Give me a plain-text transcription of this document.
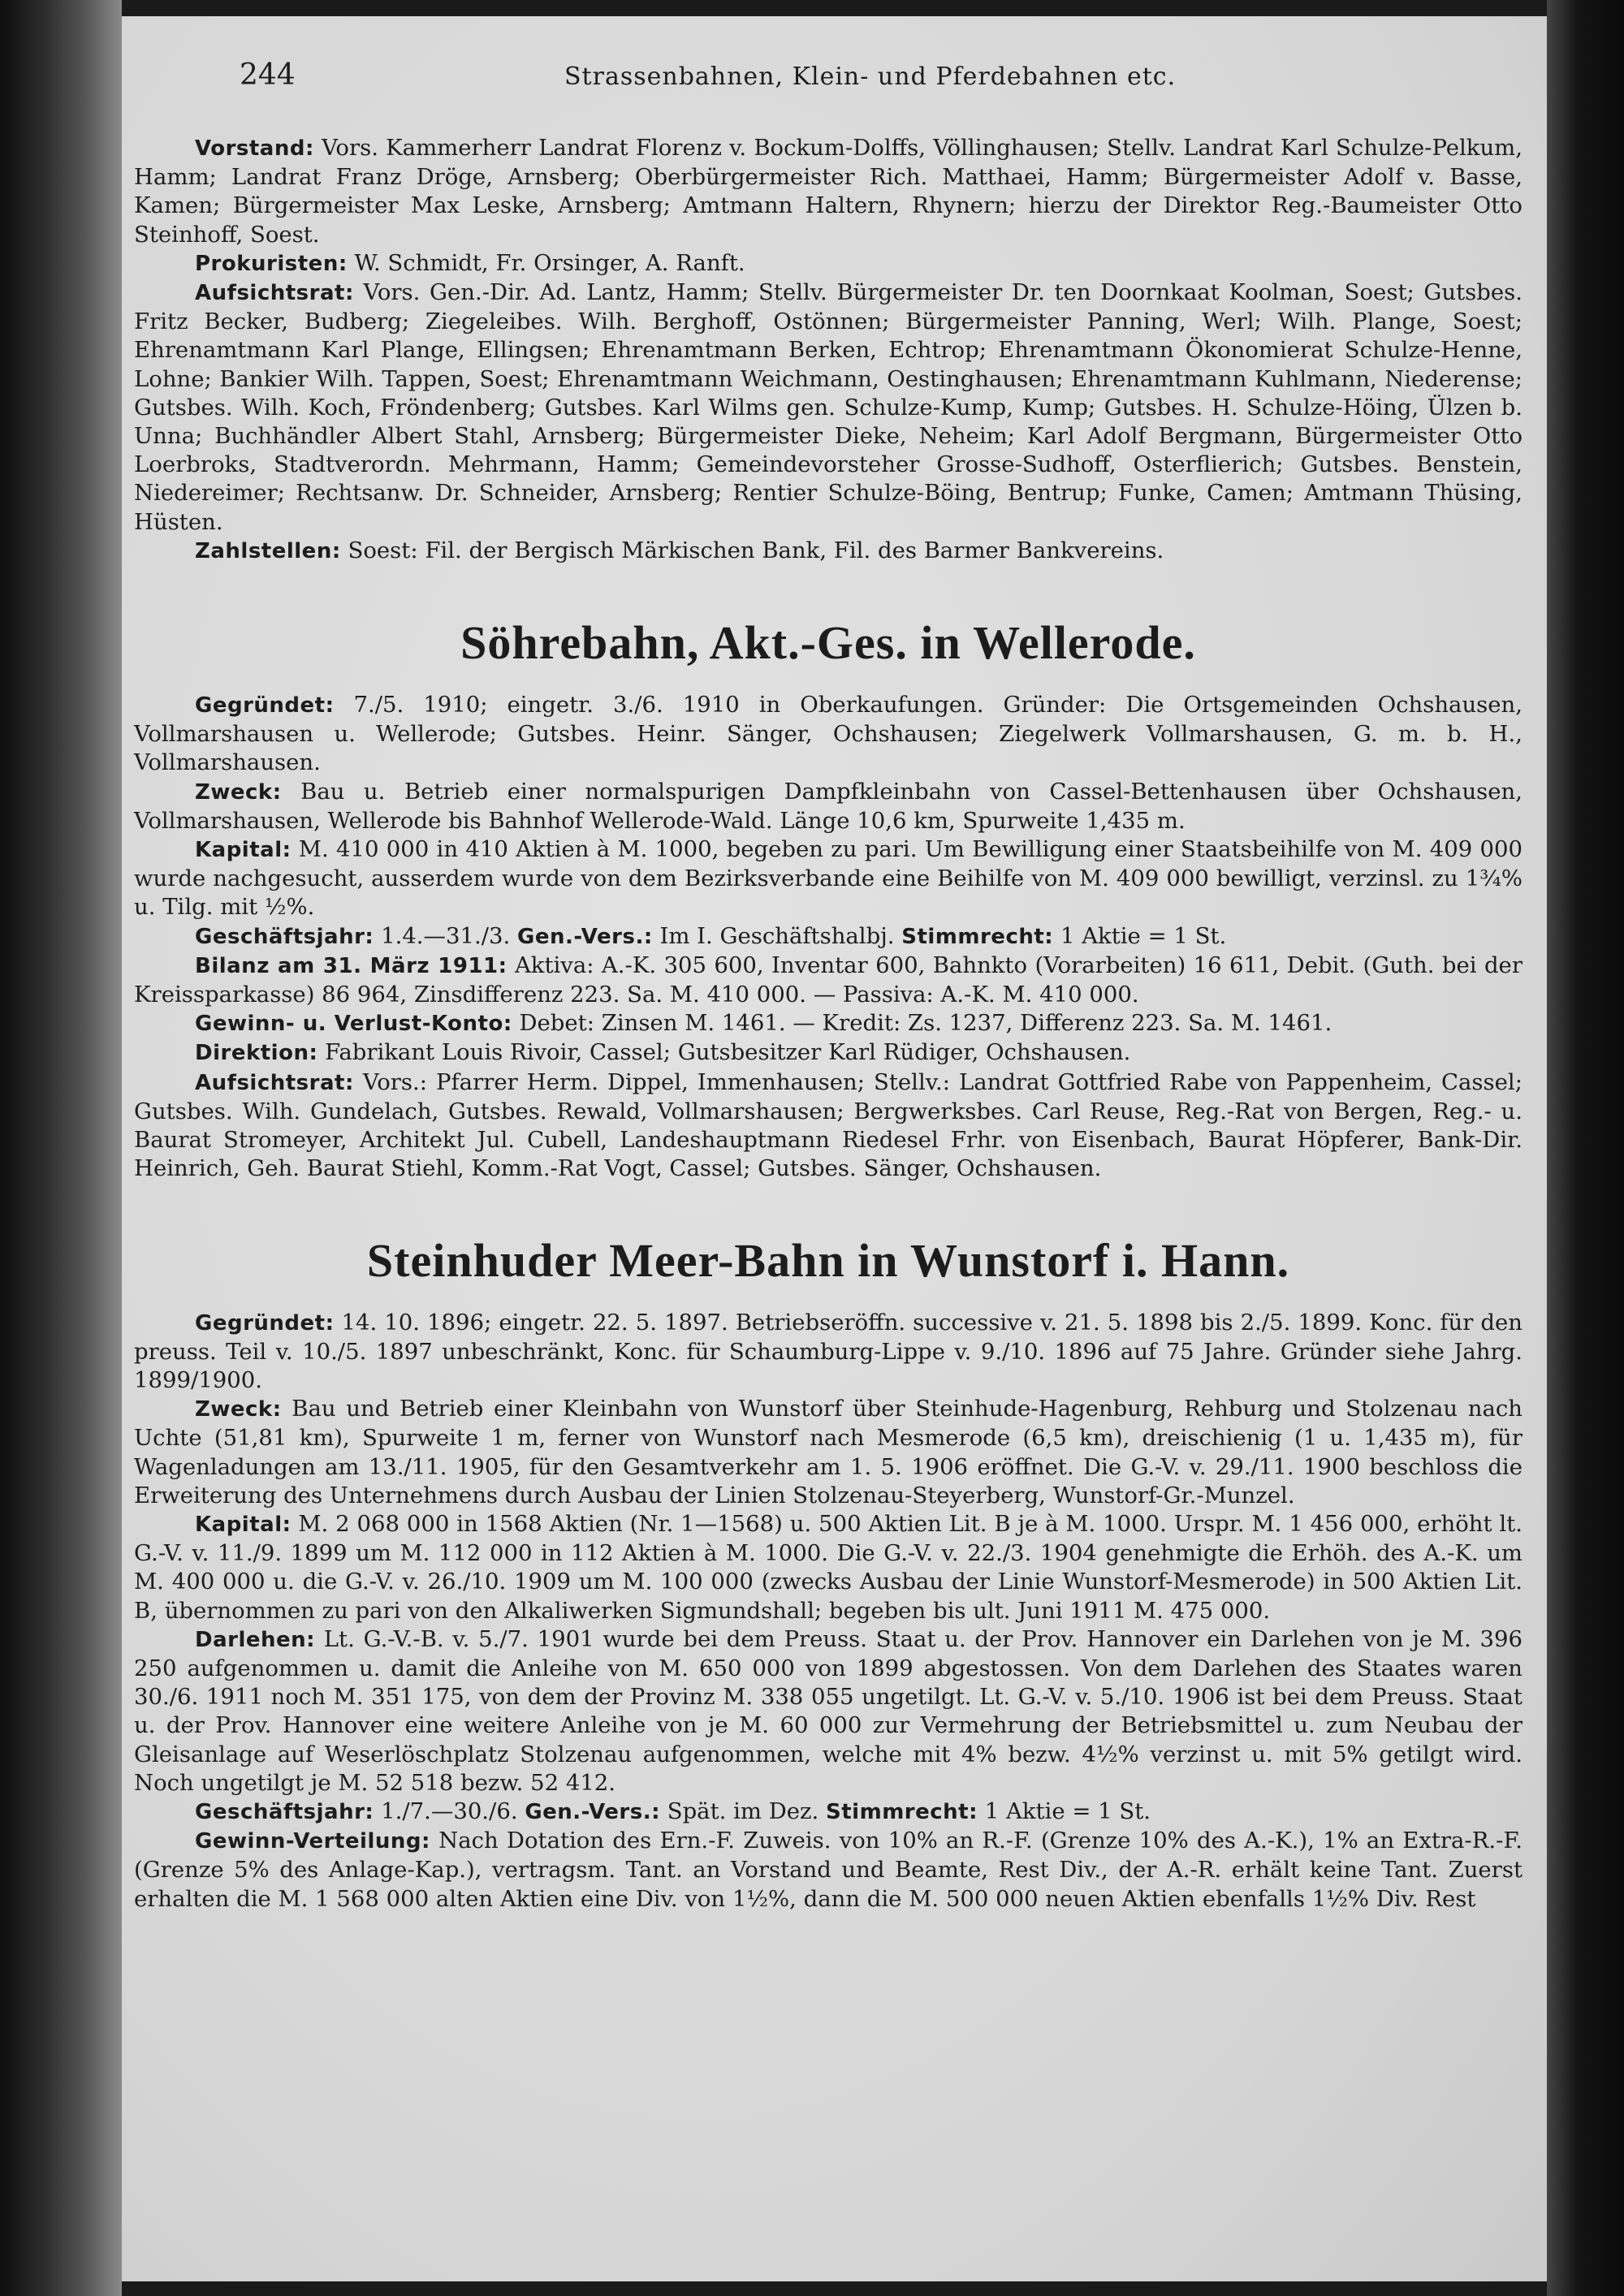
244	Strassenbahnen, Klein- und Pferdebahnen etc.

Vorstand: Vors. Kammerherr Landrat Florenz v. Bockum-Dolffs, Völlinghausen; Stellv. Landrat Karl Schulze-Pelkum, Hamm; Landrat Franz Dröge, Arnsberg; Oberbürgermeister Rich. Matthaei, Hamm; Bürgermeister Adolf v. Basse, Kamen; Bürgermeister Max Leske, Arnsberg; Amtmann Haltern, Rhynern; hierzu der Direktor Reg.-Baumeister Otto Steinhoff, Soest.

Prokuristen: W. Schmidt, Fr. Orsinger, A. Ranft.

Aufsichtsrat: Vors. Gen.-Dir. Ad. Lantz, Hamm; Stellv. Bürgermeister Dr. ten Doornkaat Koolman, Soest; Gutsbes. Fritz Becker, Budberg; Ziegeleibes. Wilh. Berghoff, Ostönnen; Bürgermeister Panning, Werl; Wilh. Plange, Soest; Ehrenamtmann Karl Plange, Ellingsen; Ehrenamtmann Berken, Echtrop; Ehrenamtmann Ökonomierat Schulze-Henne, Lohne; Bankier Wilh. Tappen, Soest; Ehrenamtmann Weichmann, Oestinghausen; Ehrenamtmann Kuhlmann, Niederense; Gutsbes. Wilh. Koch, Fröndenberg; Gutsbes. Karl Wilms gen. Schulze-Kump, Kump; Gutsbes. H. Schulze-Höing, Ülzen b. Unna; Buchhändler Albert Stahl, Arnsberg; Bürgermeister Dieke, Neheim; Karl Adolf Bergmann, Bürgermeister Otto Loerbroks, Stadtverordn. Mehrmann, Hamm; Gemeindevorsteher Grosse-Sudhoff, Osterflierich; Gutsbes. Benstein, Niedereimer; Rechtsanw. Dr. Schneider, Arnsberg; Rentier Schulze-Böing, Bentrup; Funke, Camen; Amtmann Thüsing, Hüsten.

Zahlstellen: Soest: Fil. der Bergisch Märkischen Bank, Fil. des Barmer Bankvereins.

Söhrebahn, Akt.-Ges. in Wellerode.

Gegründet: 7./5. 1910; eingetr. 3./6. 1910 in Oberkaufungen. Gründer: Die Ortsgemeinden Ochshausen, Vollmarshausen u. Wellerode; Gutsbes. Heinr. Sänger, Ochshausen; Ziegelwerk Vollmarshausen, G. m. b. H., Vollmarshausen.

Zweck: Bau u. Betrieb einer normalspurigen Dampfkleinbahn von Cassel-Bettenhausen über Ochshausen, Vollmarshausen, Wellerode bis Bahnhof Wellerode-Wald. Länge 10,6 km, Spurweite 1,435 m.

Kapital: M. 410 000 in 410 Aktien à M. 1000, begeben zu pari. Um Bewilligung einer Staatsbeihilfe von M. 409 000 wurde nachgesucht, ausserdem wurde von dem Bezirksverbande eine Beihilfe von M. 409 000 bewilligt, verzinsl. zu 1¾% u. Tilg. mit ½%.

Geschäftsjahr: 1.4.—31./3. Gen.-Vers.: Im I. Geschäftshalbj. Stimmrecht: 1 Aktie = 1 St.

Bilanz am 31. März 1911: Aktiva: A.-K. 305 600, Inventar 600, Bahnkto (Vorarbeiten) 16 611, Debit. (Guth. bei der Kreissparkasse) 86 964, Zinsdifferenz 223. Sa. M. 410 000. — Passiva: A.-K. M. 410 000.

Gewinn- u. Verlust-Konto: Debet: Zinsen M. 1461. — Kredit: Zs. 1237, Differenz 223. Sa. M. 1461.

Direktion: Fabrikant Louis Rivoir, Cassel; Gutsbesitzer Karl Rüdiger, Ochshausen.

Aufsichtsrat: Vors.: Pfarrer Herm. Dippel, Immenhausen; Stellv.: Landrat Gottfried Rabe von Pappenheim, Cassel; Gutsbes. Wilh. Gundelach, Gutsbes. Rewald, Vollmarshausen; Bergwerksbes. Carl Reuse, Reg.-Rat von Bergen, Reg.- u. Baurat Stromeyer, Architekt Jul. Cubell, Landeshauptmann Riedesel Frhr. von Eisenbach, Baurat Höpferer, Bank-Dir. Heinrich, Geh. Baurat Stiehl, Komm.-Rat Vogt, Cassel; Gutsbes. Sänger, Ochshausen.

Steinhuder Meer-Bahn in Wunstorf i. Hann.

Gegründet: 14. 10. 1896; eingetr. 22. 5. 1897. Betriebseröffn. successive v. 21. 5. 1898 bis 2./5. 1899. Konc. für den preuss. Teil v. 10./5. 1897 unbeschränkt, Konc. für Schaumburg-Lippe v. 9./10. 1896 auf 75 Jahre. Gründer siehe Jahrg. 1899/1900.

Zweck: Bau und Betrieb einer Kleinbahn von Wunstorf über Steinhude-Hagenburg, Rehburg und Stolzenau nach Uchte (51,81 km), Spurweite 1 m, ferner von Wunstorf nach Mesmerode (6,5 km), dreischienig (1 u. 1,435 m), für Wagenladungen am 13./11. 1905, für den Gesamtverkehr am 1. 5. 1906 eröffnet. Die G.-V. v. 29./11. 1900 beschloss die Erweiterung des Unternehmens durch Ausbau der Linien Stolzenau-Steyerberg, Wunstorf-Gr.-Munzel.

Kapital: M. 2 068 000 in 1568 Aktien (Nr. 1—1568) u. 500 Aktien Lit. B je à M. 1000. Urspr. M. 1 456 000, erhöht lt. G.-V. v. 11./9. 1899 um M. 112 000 in 112 Aktien à M. 1000. Die G.-V. v. 22./3. 1904 genehmigte die Erhöh. des A.-K. um M. 400 000 u. die G.-V. v. 26./10. 1909 um M. 100 000 (zwecks Ausbau der Linie Wunstorf-Mesmerode) in 500 Aktien Lit. B, übernommen zu pari von den Alkaliwerken Sigmundshall; begeben bis ult. Juni 1911 M. 475 000.

Darlehen: Lt. G.-V.-B. v. 5./7. 1901 wurde bei dem Preuss. Staat u. der Prov. Hannover ein Darlehen von je M. 396 250 aufgenommen u. damit die Anleihe von M. 650 000 von 1899 abgestossen. Von dem Darlehen des Staates waren 30./6. 1911 noch M. 351 175, von dem der Provinz M. 338 055 ungetilgt. Lt. G.-V. v. 5./10. 1906 ist bei dem Preuss. Staat u. der Prov. Hannover eine weitere Anleihe von je M. 60 000 zur Vermehrung der Betriebsmittel u. zum Neubau der Gleisanlage auf Weserlöschplatz Stolzenau aufgenommen, welche mit 4% bezw. 4½% verzinst u. mit 5% getilgt wird. Noch ungetilgt je M. 52 518 bezw. 52 412.

Geschäftsjahr: 1./7.—30./6. Gen.-Vers.: Spät. im Dez. Stimmrecht: 1 Aktie = 1 St.

Gewinn-Verteilung: Nach Dotation des Ern.-F. Zuweis. von 10% an R.-F. (Grenze 10% des A.-K.), 1% an Extra-R.-F. (Grenze 5% des Anlage-Kap.), vertragsm. Tant. an Vorstand und Beamte, Rest Div., der A.-R. erhält keine Tant. Zuerst erhalten die M. 1 568 000 alten Aktien eine Div. von 1½%, dann die M. 500 000 neuen Aktien ebenfalls 1½% Div. Rest
